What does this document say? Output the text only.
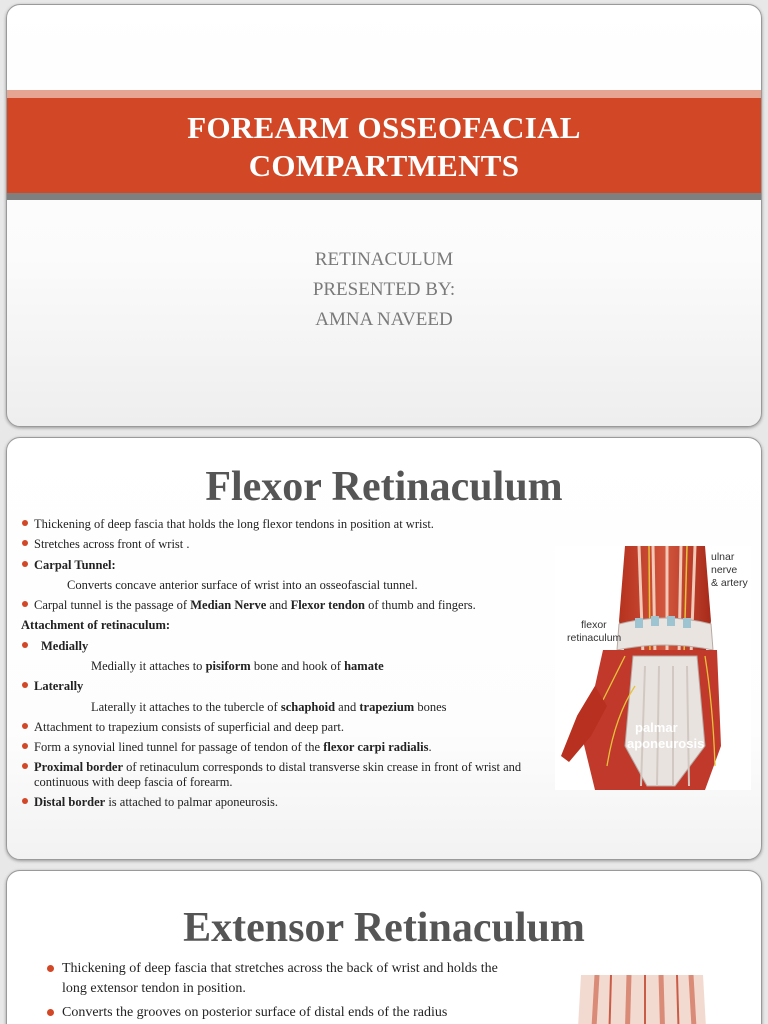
FOREARM OSSEOFACIAL
COMPARTMENTS
RETINACULUM
PRESENTED BY:
AMNA NAVEED
Flexor Retinaculum
Thickening of deep fascia that holds the long flexor tendons in position at wrist.
Stretches across front of wrist .
Carpal Tunnel:
Converts concave anterior surface of wrist into an osseofascial tunnel.
Carpal tunnel is the passage of Median Nerve and Flexor tendon of thumb and fingers.
Attachment of retinaculum:
Medially
Medially it attaches to pisiform bone and hook of hamate
Laterally
Laterally it attaches to the tubercle of schaphoid and trapezium bones
Attachment to trapezium consists of superficial and deep part.
Form a synovial lined tunnel for passage of tendon of the flexor carpi radialis.
Proximal border of retinaculum corresponds to distal transverse skin crease in front of wrist and continuous with deep fascia of forearm.
Distal border is attached to palmar aponeurosis.
ulnar
nerve
& artery
flexor
retinaculum
palmar
aponeurosis
Extensor Retinaculum
Thickening of deep fascia that stretches across the back of wrist and holds the long extensor tendon in position.
Converts the grooves on posterior surface of distal ends of the radius
